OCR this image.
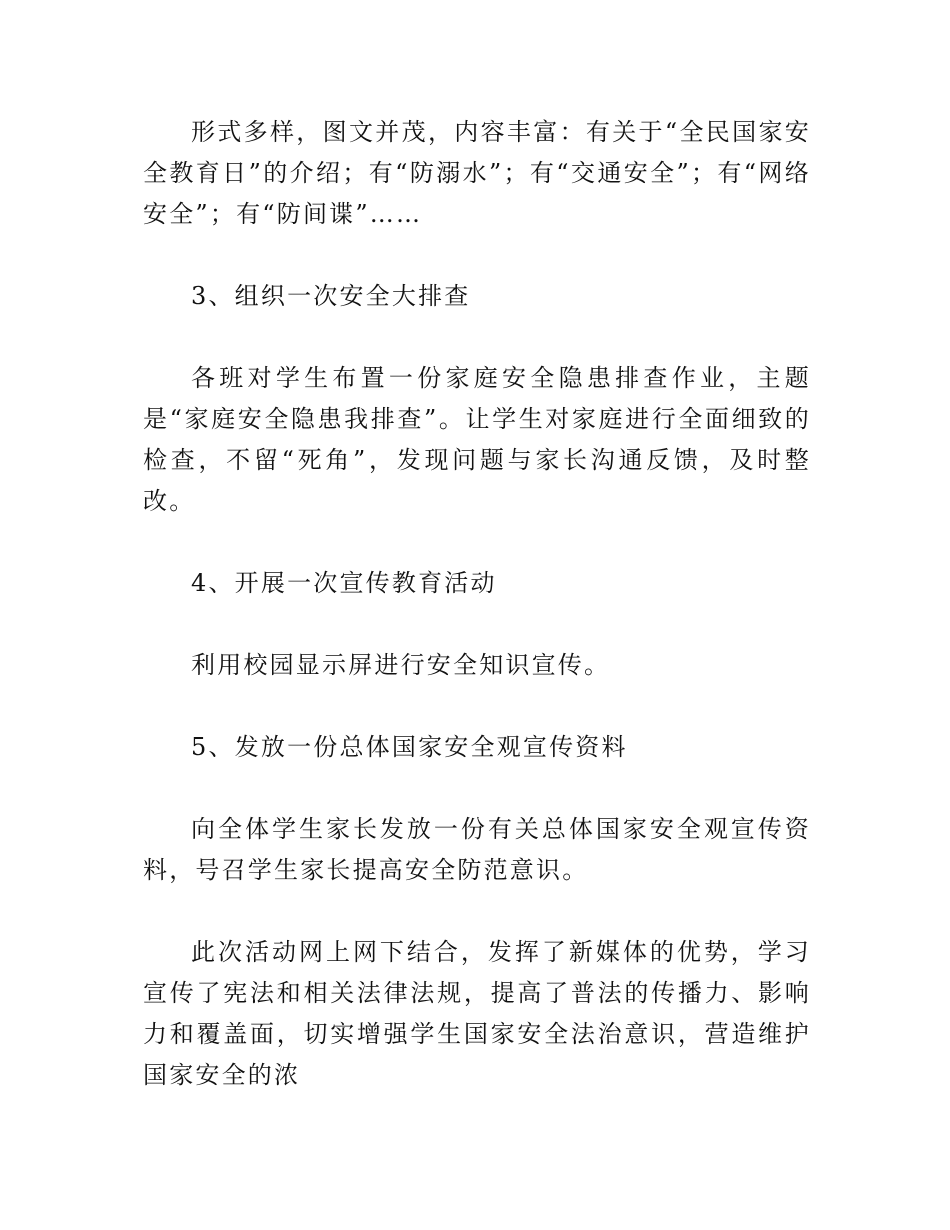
形式多样，图文并茂，内容丰富：有关于“全民国家安全教育日”的介绍；有“防溺水”；有“交通安全”；有“网络安全”；有“防间谍”……

3、组织一次安全大排查

各班对学生布置一份家庭安全隐患排查作业，主题是“家庭安全隐患我排查”。让学生对家庭进行全面细致的检查，不留“死角”，发现问题与家长沟通反馈，及时整改。

4、开展一次宣传教育活动

利用校园显示屏进行安全知识宣传。

5、发放一份总体国家安全观宣传资料

向全体学生家长发放一份有关总体国家安全观宣传资料，号召学生家长提高安全防范意识。

此次活动网上网下结合，发挥了新媒体的优势，学习宣传了宪法和相关法律法规，提高了普法的传播力、影响力和覆盖面，切实增强学生国家安全法治意识，营造维护国家安全的浓
